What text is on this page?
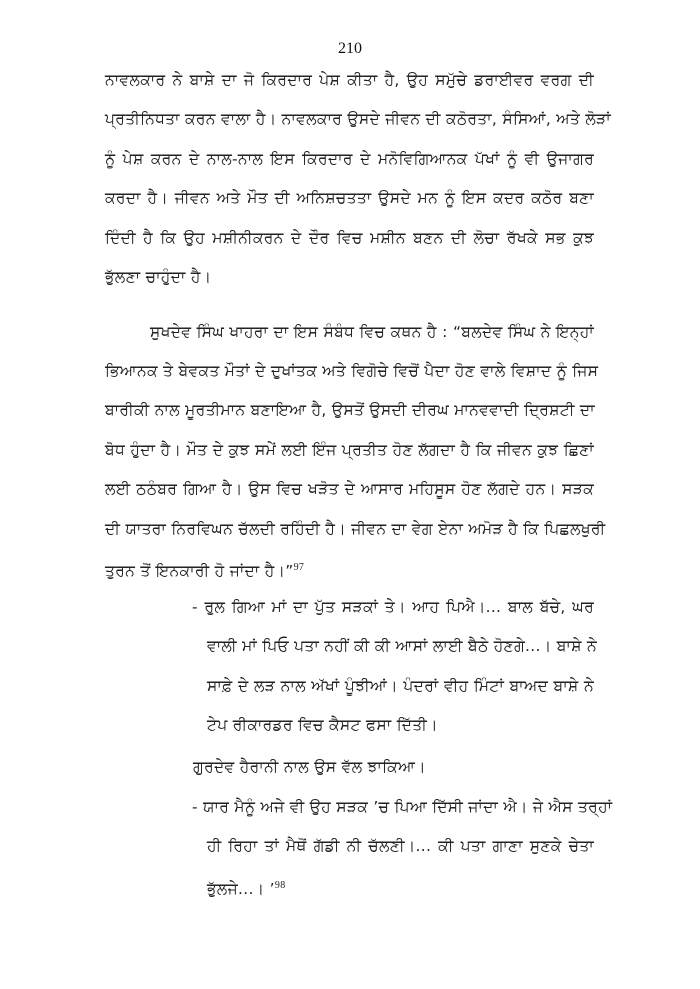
210
ਨਾਵਲਕਾਰ ਨੇ ਬਾਸ਼ੇ ਦਾ ਜੋ ਕਿਰਦਾਰ ਪੇਸ਼ ਕੀਤਾ ਹੈ, ਉਹ ਸਮੁੱਚੇ ਡਰਾਈਵਰ ਵਰਗ ਦੀ
ਪ੍ਰਤੀਨਿਧਤਾ ਕਰਨ ਵਾਲਾ ਹੈ। ਨਾਵਲਕਾਰ ਉਸਦੇ ਜੀਵਨ ਦੀ ਕਠੋਰਤਾ, ਸੰਸਿਆਂ, ਅਤੇ ਲੋੜਾਂ
ਨੂੰ ਪੇਸ਼ ਕਰਨ ਦੇ ਨਾਲ-ਨਾਲ ਇਸ ਕਿਰਦਾਰ ਦੇ ਮਨੋਵਿਗਿਆਨਕ ਪੱਖਾਂ ਨੂੰ ਵੀ ਉਜਾਗਰ
ਕਰਦਾ ਹੈ। ਜੀਵਨ ਅਤੇ ਮੌਤ ਦੀ ਅਨਿਸ਼ਚਤਤਾ ਉਸਦੇ ਮਨ ਨੂੰ ਇਸ ਕਦਰ ਕਠੋਰ ਬਣਾ
ਦਿੰਦੀ ਹੈ ਕਿ ਉਹ ਮਸ਼ੀਨੀਕਰਨ ਦੇ ਦੌਰ ਵਿਚ ਮਸ਼ੀਨ ਬਣਨ ਦੀ ਲੋਚਾ ਰੱਖਕੇ ਸਭ ਕੁਝ
ਭੁੱਲਣਾ ਚਾਹੁੰਦਾ ਹੈ।
ਸੁਖਦੇਵ ਸਿੰਘ ਖਾਹਰਾ ਦਾ ਇਸ ਸੰਬੰਧ ਵਿਚ ਕਥਨ ਹੈ : “ਬਲਦੇਵ ਸਿੰਘ ਨੇ ਇਨ੍ਹਾਂ
ਭਿਆਨਕ ਤੇ ਬੇਵਕਤ ਮੌਤਾਂ ਦੇ ਦੁਖਾਂਤਕ ਅਤੇ ਵਿਗੋਚੇ ਵਿਚੋਂ ਪੈਦਾ ਹੋਣ ਵਾਲੇ ਵਿਸ਼ਾਦ ਨੂੰ ਜਿਸ
ਬਾਰੀਕੀ ਨਾਲ ਮੂਰਤੀਮਾਨ ਬਣਾਇਆ ਹੈ, ਉਸਤੋਂ ਉਸਦੀ ਦੀਰਘ ਮਾਨਵਵਾਦੀ ਦ੍ਰਿਸ਼ਟੀ ਦਾ
ਬੋਧ ਹੁੰਦਾ ਹੈ। ਮੌਤ ਦੇ ਕੁਝ ਸਮੇਂ ਲਈ ਇੰਜ ਪ੍ਰਤੀਤ ਹੋਣ ਲੱਗਦਾ ਹੈ ਕਿ ਜੀਵਨ ਕੁਝ ਛਿਣਾਂ
ਲਈ ਠਠੰਬਰ ਗਿਆ ਹੈ। ਉਸ ਵਿਚ ਖੜੋਤ ਦੇ ਆਸਾਰ ਮਹਿਸੂਸ ਹੋਣ ਲੱਗਦੇ ਹਨ। ਸੜਕ
ਦੀ ਯਾਤਰਾ ਨਿਰਵਿਘਨ ਚੱਲਦੀ ਰਹਿੰਦੀ ਹੈ। ਜੀਵਨ ਦਾ ਵੇਗ ਏਨਾ ਅਮੋੜ ਹੈ ਕਿ ਪਿਛਲਖੁਰੀ
ਤੁਰਨ ਤੋਂ ਇਨਕਾਰੀ ਹੋ ਜਾਂਦਾ ਹੈ।”$^{97}$
- ਰੁਲ ਗਿਆ ਮਾਂ ਦਾ ਪੁੱਤ ਸੜਕਾਂ ਤੇ। ਆਹ ਪਿਐ।... ਬਾਲ ਬੱਚੇ, ਘਰ
ਵਾਲੀ ਮਾਂ ਪਿਓ ਪਤਾ ਨਹੀਂ ਕੀ ਕੀ ਆਸਾਂ ਲਾਈ ਬੈਠੇ ਹੋਣਗੇ...। ਬਾਸ਼ੇ ਨੇ
ਸਾਫ਼ੇ ਦੇ ਲੜ ਨਾਲ ਅੱਖਾਂ ਪੂੰਝੀਆਂ। ਪੰਦਰਾਂ ਵੀਹ ਮਿੰਟਾਂ ਬਾਅਦ ਬਾਸ਼ੇ ਨੇ
ਟੇਪ ਰੀਕਾਰਡਰ ਵਿਚ ਕੈਸਟ ਫਸਾ ਦਿੱਤੀ।
ਗੁਰਦੇਵ ਹੈਰਾਨੀ ਨਾਲ ਉਸ ਵੱਲ ਝਾਕਿਆ।
- ਯਾਰ ਮੈਨੂੰ ਅਜੇ ਵੀ ਉਹ ਸੜਕ ’ਚ ਪਿਆ ਦਿੱਸੀ ਜਾਂਦਾ ਐ। ਜੇ ਐਸ ਤਰ੍ਹਾਂ
ਹੀ ਰਿਹਾ ਤਾਂ ਮੈਥੋਂ ਗੱਡੀ ਨੀ ਚੱਲਣੀ।... ਕੀ ਪਤਾ ਗਾਣਾ ਸੁਣਕੇ ਚੇਤਾ
ਭੁੱਲਜੇ...। ’$^{98}$
